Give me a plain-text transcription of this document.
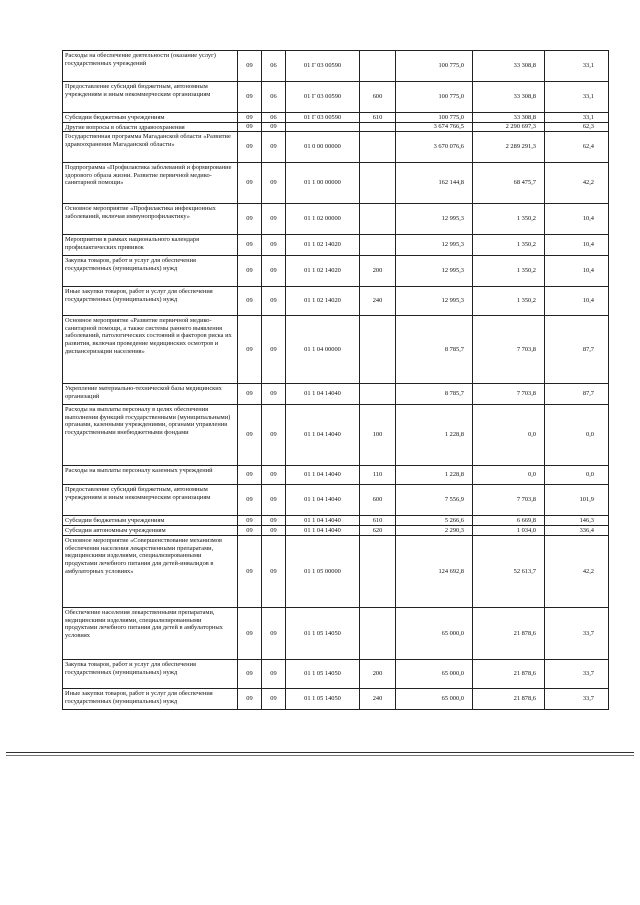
Расходы на обеспечение деятельности (оказание услуг) государственных учреждений	09	06	01 Г 03 00590		100 775,0	33 308,8	33,1
Предоставление субсидий бюджетным, автономным учреждениям и иным некоммерческим организациям	09	06	01 Г 03 00590	600	100 775,0	33 308,8	33,1
Субсидии бюджетным учреждениям	09	06	01 Г 03 00590	610	100 775,0	33 308,8	33,1
Другие вопросы в области здравоохранения	09	09			3 674 766,5	2 290 697,3	62,3
Государственная программа Магаданской области «Развитие здравоохранения Магаданской области»	09	09	01 0 00 00000		3 670 076,6	2 289 291,3	62,4
Подпрограмма «Профилактика заболеваний и формирование здорового образа жизни. Развитие первичной медико-санитарной помощи»	09	09	01 1 00 00000		162 144,8	68 475,7	42,2
Основное мероприятие «Профилактика инфекционных заболеваний, включая иммунопрофилактику»	09	09	01 1 02 00000		12 995,3	1 350,2	10,4
Мероприятия в рамках национального календаря профилактических прививок	09	09	01 1 02 14020		12 995,3	1 350,2	10,4
Закупка товаров, работ и услуг для обеспечения государственных (муниципальных) нужд	09	09	01 1 02 14020	200	12 995,3	1 350,2	10,4
Иные закупки товаров, работ и услуг для обеспечения государственных (муниципальных) нужд	09	09	01 1 02 14020	240	12 995,3	1 350,2	10,4
Основное мероприятие «Развитие первичной медико-санитарной помощи, а также системы раннего выявления заболеваний, патологических состояний и факторов риска их развития, включая проведение медицинских осмотров и диспансеризации населения»	09	09	01 1 04 00000		8 785,7	7 703,8	87,7
Укрепление материально-технической базы медицинских организаций	09	09	01 1 04 14040		8 785,7	7 703,8	87,7
Расходы на выплаты персоналу в целях обеспечения выполнения функций государственными (муниципальными) органами, казенными учреждениями, органами управления государственными внебюджетными фондами	09	09	01 1 04 14040	100	1 228,8	0,0	0,0
Расходы на выплаты персоналу казенных учреждений	09	09	01 1 04 14040	110	1 228,8	0,0	0,0
Предоставление субсидий бюджетным, автономным учреждениям и иным некоммерческим организациям	09	09	01 1 04 14040	600	7 556,9	7 703,8	101,9
Субсидии бюджетным учреждениям	09	09	01 1 04 14040	610	5 266,6	6 669,8	146,3
Субсидии автономным учреждениям	09	09	01 1 04 14040	620	2 290,3	1 034,0	336,4
Основное мероприятие «Совершенствование механизмов обеспечения населения лекарственными препаратами, медицинскими изделиями, специализированными продуктами лечебного питания для детей-инвалидов в амбулаторных условиях»	09	09	01 1 05 00000		124 692,8	52 613,7	42,2
Обеспечение населения лекарственными препаратами, медицинскими изделиями, специализированными продуктами лечебного питания для детей в амбулаторных условиях	09	09	01 1 05 14050		65 000,0	21 878,6	33,7
Закупка товаров, работ и услуг для обеспечения государственных (муниципальных) нужд	09	09	01 1 05 14050	200	65 000,0	21 878,6	33,7
Иные закупки товаров, работ и услуг для обеспечения государственных (муниципальных) нужд	09	09	01 1 05 14050	240	65 000,0	21 878,6	33,7
